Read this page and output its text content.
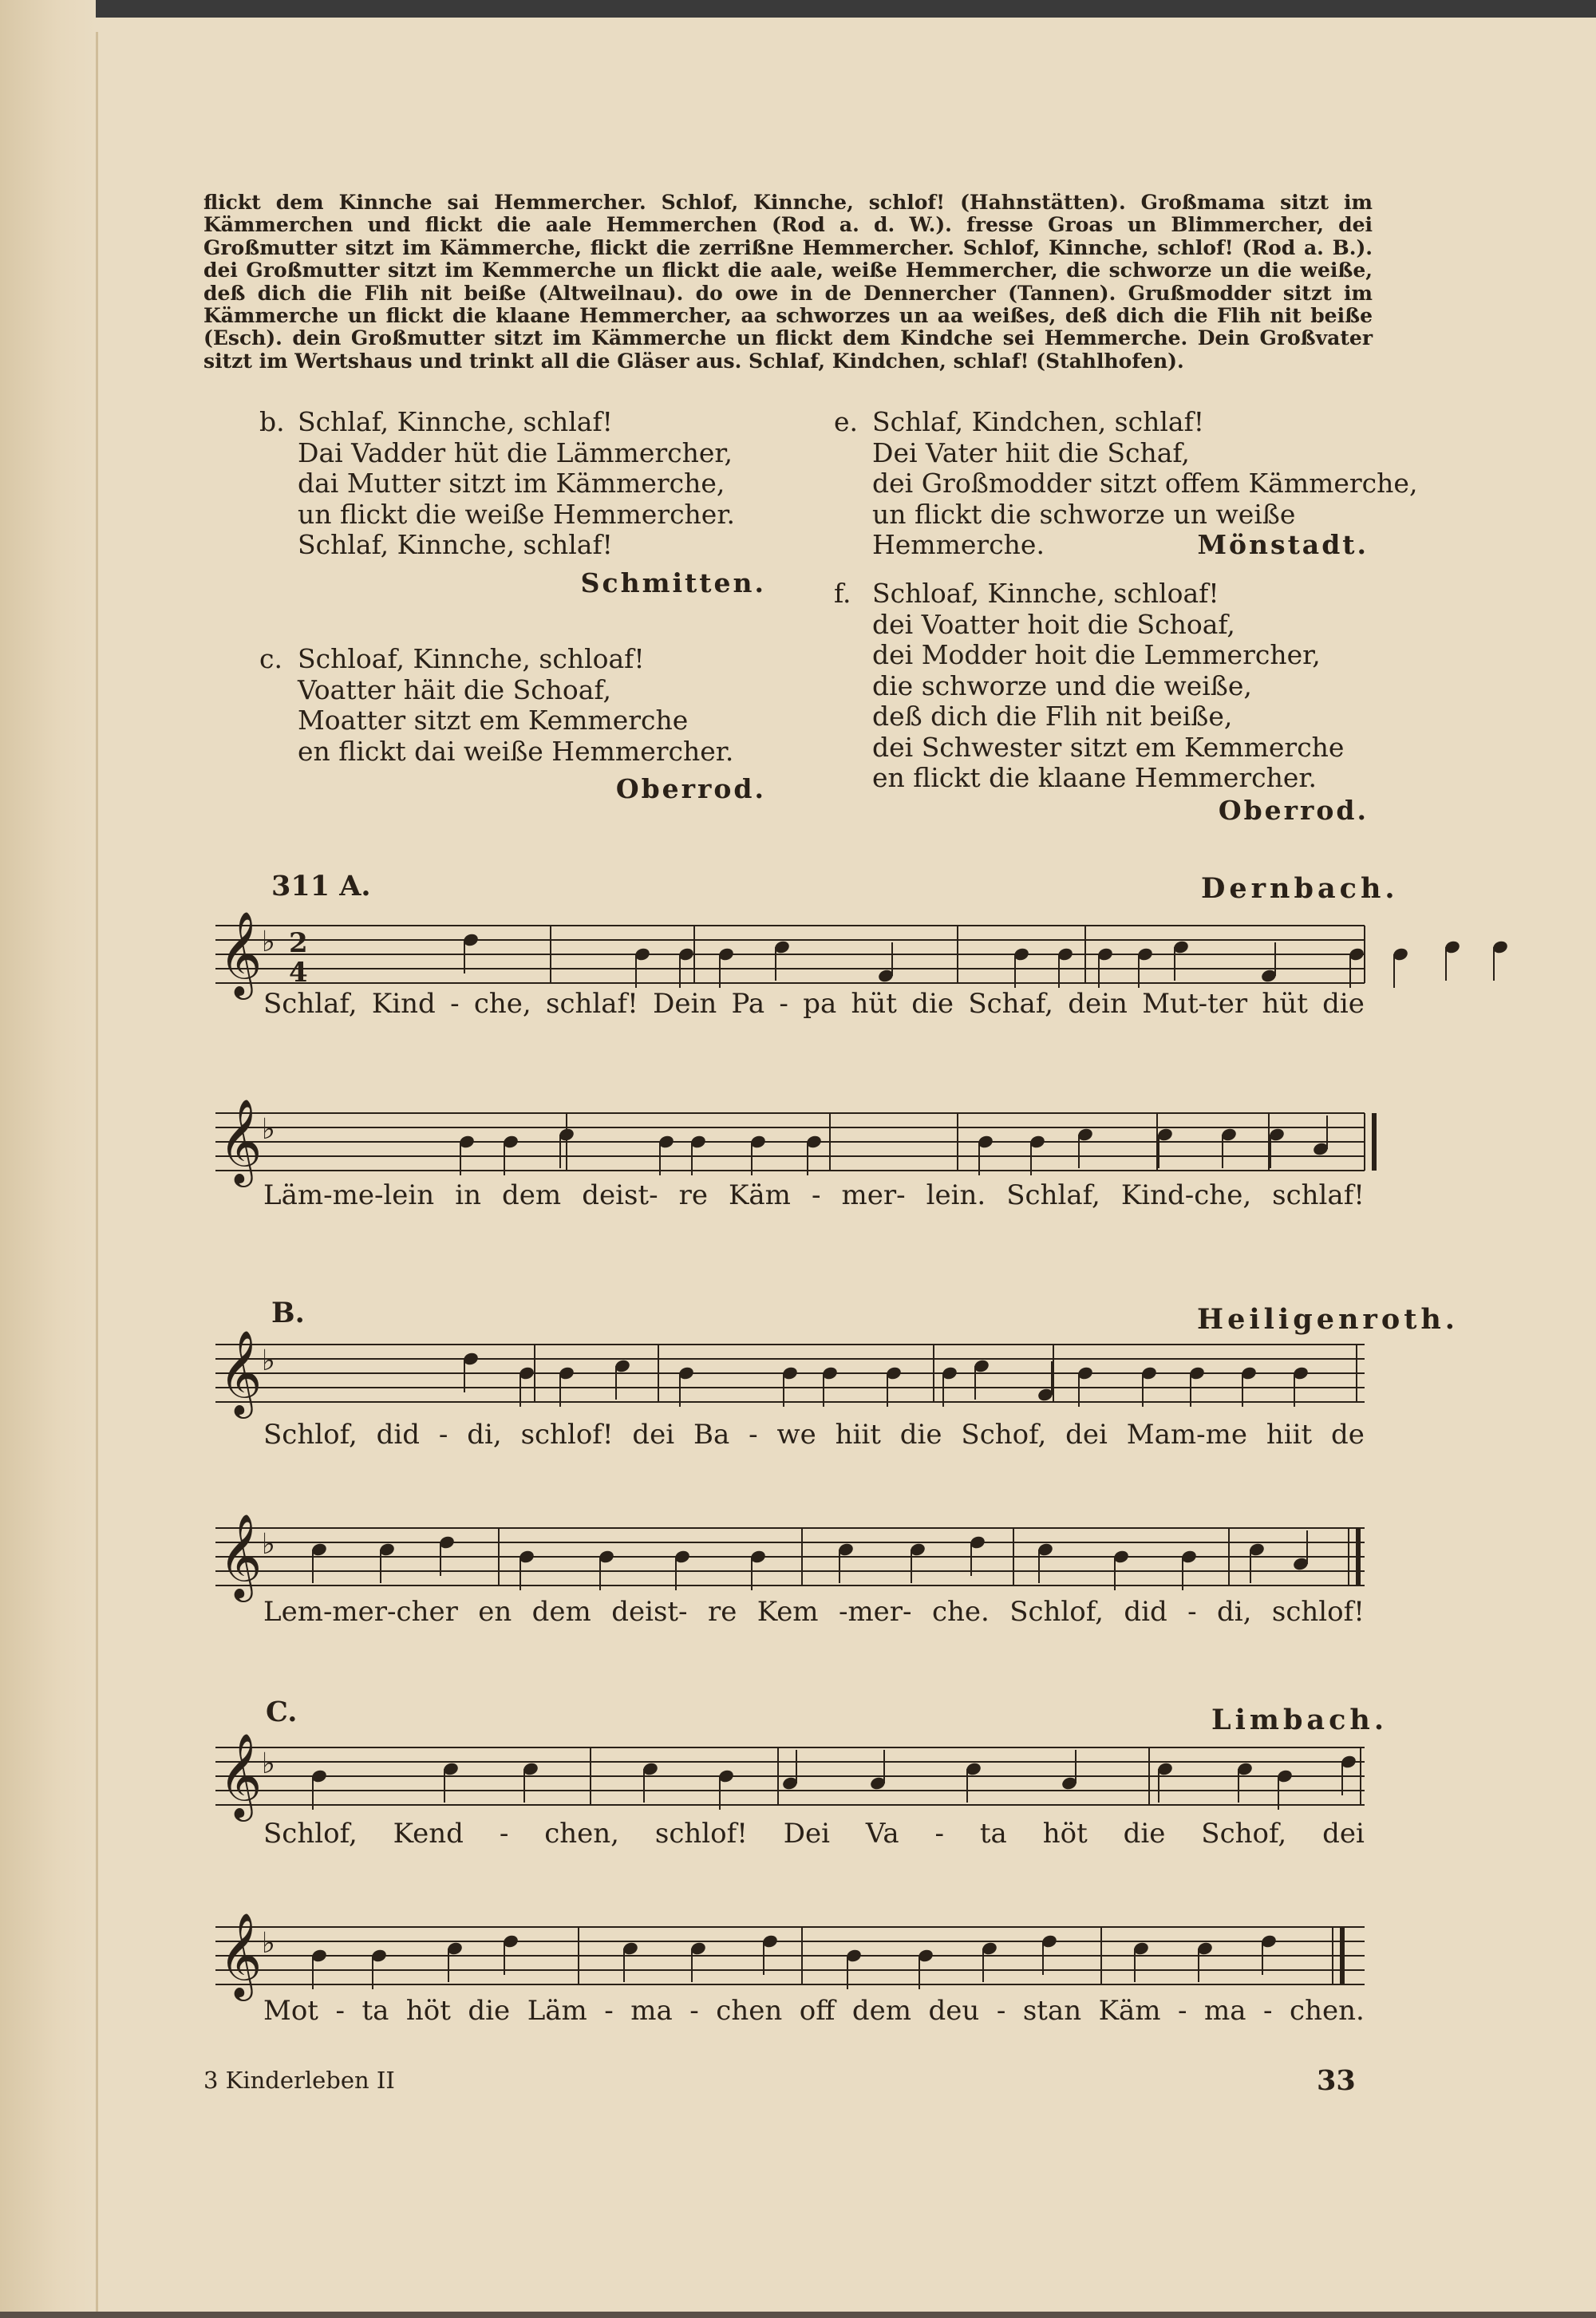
flickt dem Kinnche sai Hemmercher. Schlof, Kinnche, schlof! (Hahnstätten). Großmama sitzt im Kämmerchen und flickt die aale Hemmerchen (Rod a. d. W.). fresse Groas un Blimmercher, dei Großmutter sitzt im Kämmerche, flickt die zerrißne Hemmercher. Schlof, Kinnche, schlof! (Rod a. B.). dei Großmutter sitzt im Kemmerche un flickt die aale, weiße Hemmercher, die schworze un die weiße, deß dich die Flih nit beiße (Altweilnau). do owe in de Dennercher (Tannen). Grußmodder sitzt im Kämmerche un flickt die klaane Hemmercher, aa schworzes un aa weißes, deß dich die Flih nit beiße (Esch). dein Großmutter sitzt im Kämmerche un flickt dem Kindche sei Hemmerche. Dein Großvater sitzt im Wertshaus und trinkt all die Gläser aus. Schlaf, Kindchen, schlaf! (Stahlhofen).
b. Schlaf, Kinnche, schlaf!
Dai Vadder hüt die Lämmercher,
dai Mutter sitzt im Kämmerche,
un flickt die weiße Hemmercher.
Schlaf, Kinnche, schlaf!
Schmitten.
c. Schloaf, Kinnche, schloaf!
Voatter häit die Schoaf,
Moatter sitzt em Kemmerche
en flickt dai weiße Hemmercher.
Oberrod.
e. Schlaf, Kindchen, schlaf!
Dei Vater hiit die Schaf,
dei Großmodder sitzt offem Kämmerche,
un flickt die schworze un weiße
Hemmerche.	Mönstadt.
f. Schloaf, Kinnche, schloaf!
dei Voatter hoit die Schoaf,
dei Modder hoit die Lemmercher,
die schworze und die weiße,
deß dich die Flih nit beiße,
dei Schwester sitzt em Kemmerche
en flickt die klaane Hemmercher.
Oberrod.
311 A.	Dernbach.
𝄞 ♭ 2
4
Schlaf, Kind - che, schlaf! Dein Pa - pa hüt die Schaf, dein Mut-ter hüt die
𝄞 ♭
Läm-me-lein in dem deist- re Käm - mer- lein. Schlaf, Kind-che, schlaf!
B.	Heiligenroth.
𝄞 ♭
Schlof, did - di, schlof! dei Ba - we hiit die Schof, dei Mam-me hiit de
𝄞 ♭
Lem-mer-cher en dem deist- re Kem -mer- che. Schlof, did - di, schlof!
C.	Limbach.
𝄞 ♭
Schlof, Kend - chen, schlof! Dei Va - ta höt die Schof, dei
𝄞 ♭
Mot - ta höt die Läm - ma - chen off dem deu - stan Käm - ma - chen.
3 Kinderleben II	33
